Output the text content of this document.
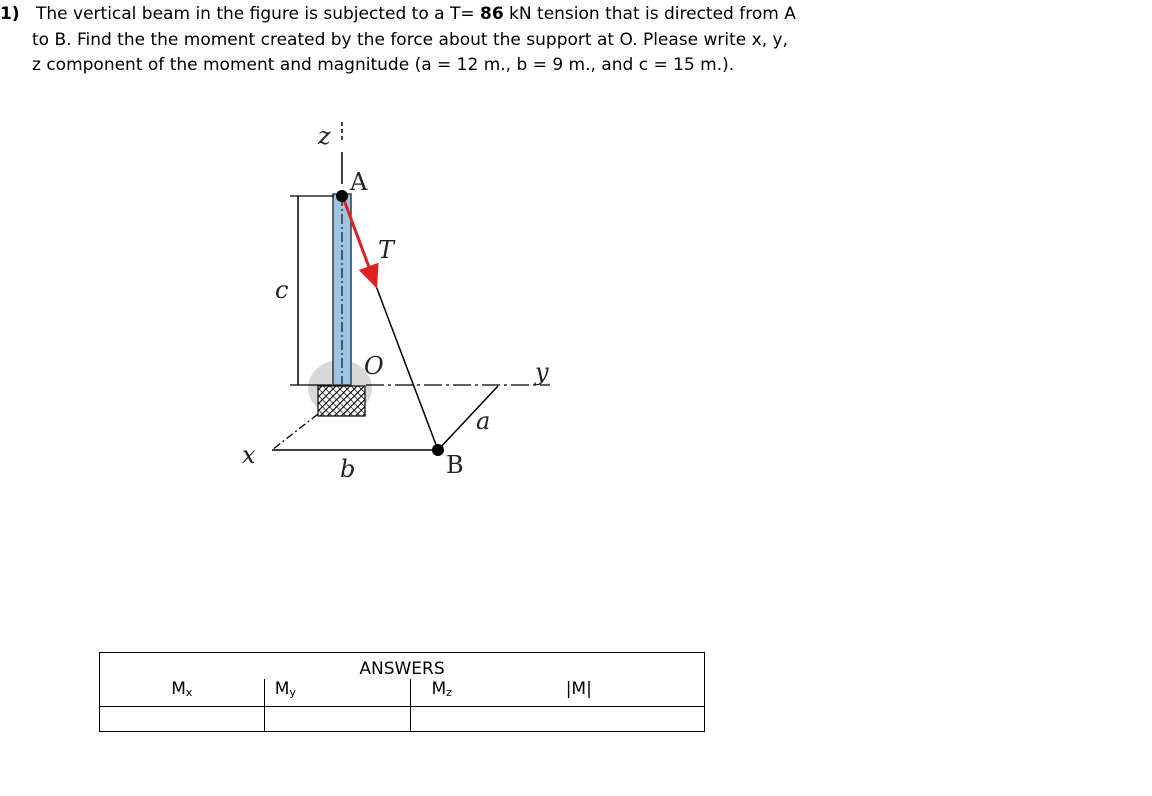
1) The vertical beam in the figure is subjected to a T= 86 kN tension that is directed from A
to B. Find the the moment created by the force about the support at O. Please write x, y,
z component of the moment and magnitude (a = 12 m., b = 9 m., and c = 15 m.).
z
A
T
c
O	y
a
x	b	B
ANSWERS			
Mx	My	Mz	|M|
